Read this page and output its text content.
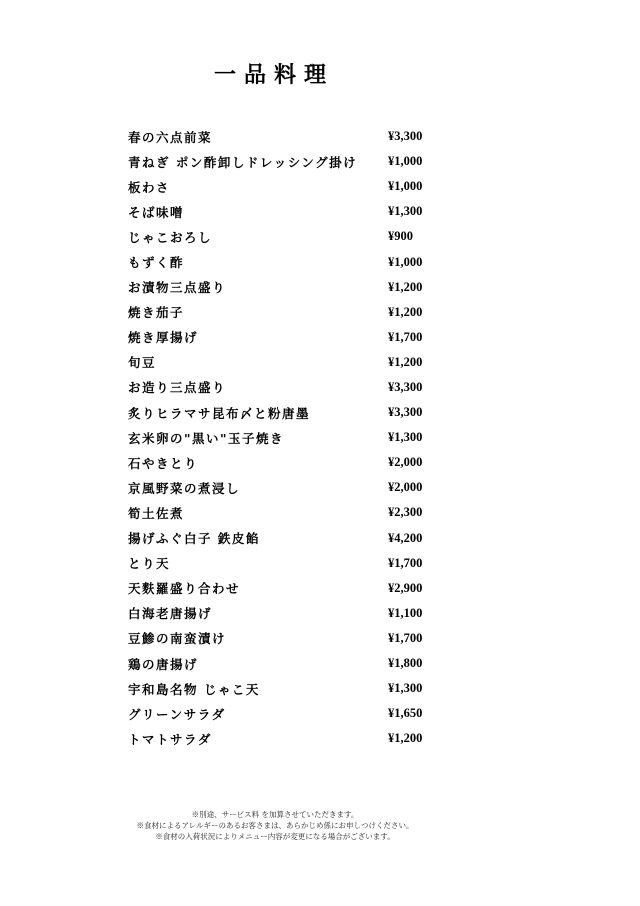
一品料理
春の六点前菜	¥3,300
青ねぎ ポン酢卸しドレッシング掛け ¥1,000
板わさ	¥1,000
そば味噌	¥1,300
じゃこおろし	¥900
もずく酢	¥1,000
お漬物三点盛り	¥1,200
焼き茄子	¥1,200
焼き厚揚げ	¥1,700
旬豆	¥1,200
お造り三点盛り	¥3,300
炙りヒラマサ昆布〆と粉唐墨	¥3,300
玄米卵の"黒い"玉子焼き	¥1,300
石やきとり	¥2,000
京風野菜の煮浸し	¥2,000
筍土佐煮	¥2,300
揚げふぐ白子 鉄皮餡	¥4,200
とり天	¥1,700
天麩羅盛り合わせ	¥2,900
白海老唐揚げ	¥1,100
豆鯵の南蛮漬け	¥1,700
鶏の唐揚げ	¥1,800
宇和島名物 じゃこ天	¥1,300
グリーンサラダ	¥1,650
トマトサラダ	¥1,200
※別途、サービス料 を加算させていただきます。
※食材によるアレルギーのあるお客さまは、あらかじめ係にお申しつけください。
※食材の入荷状況によりメニュー内容が変更になる場合がございます。
